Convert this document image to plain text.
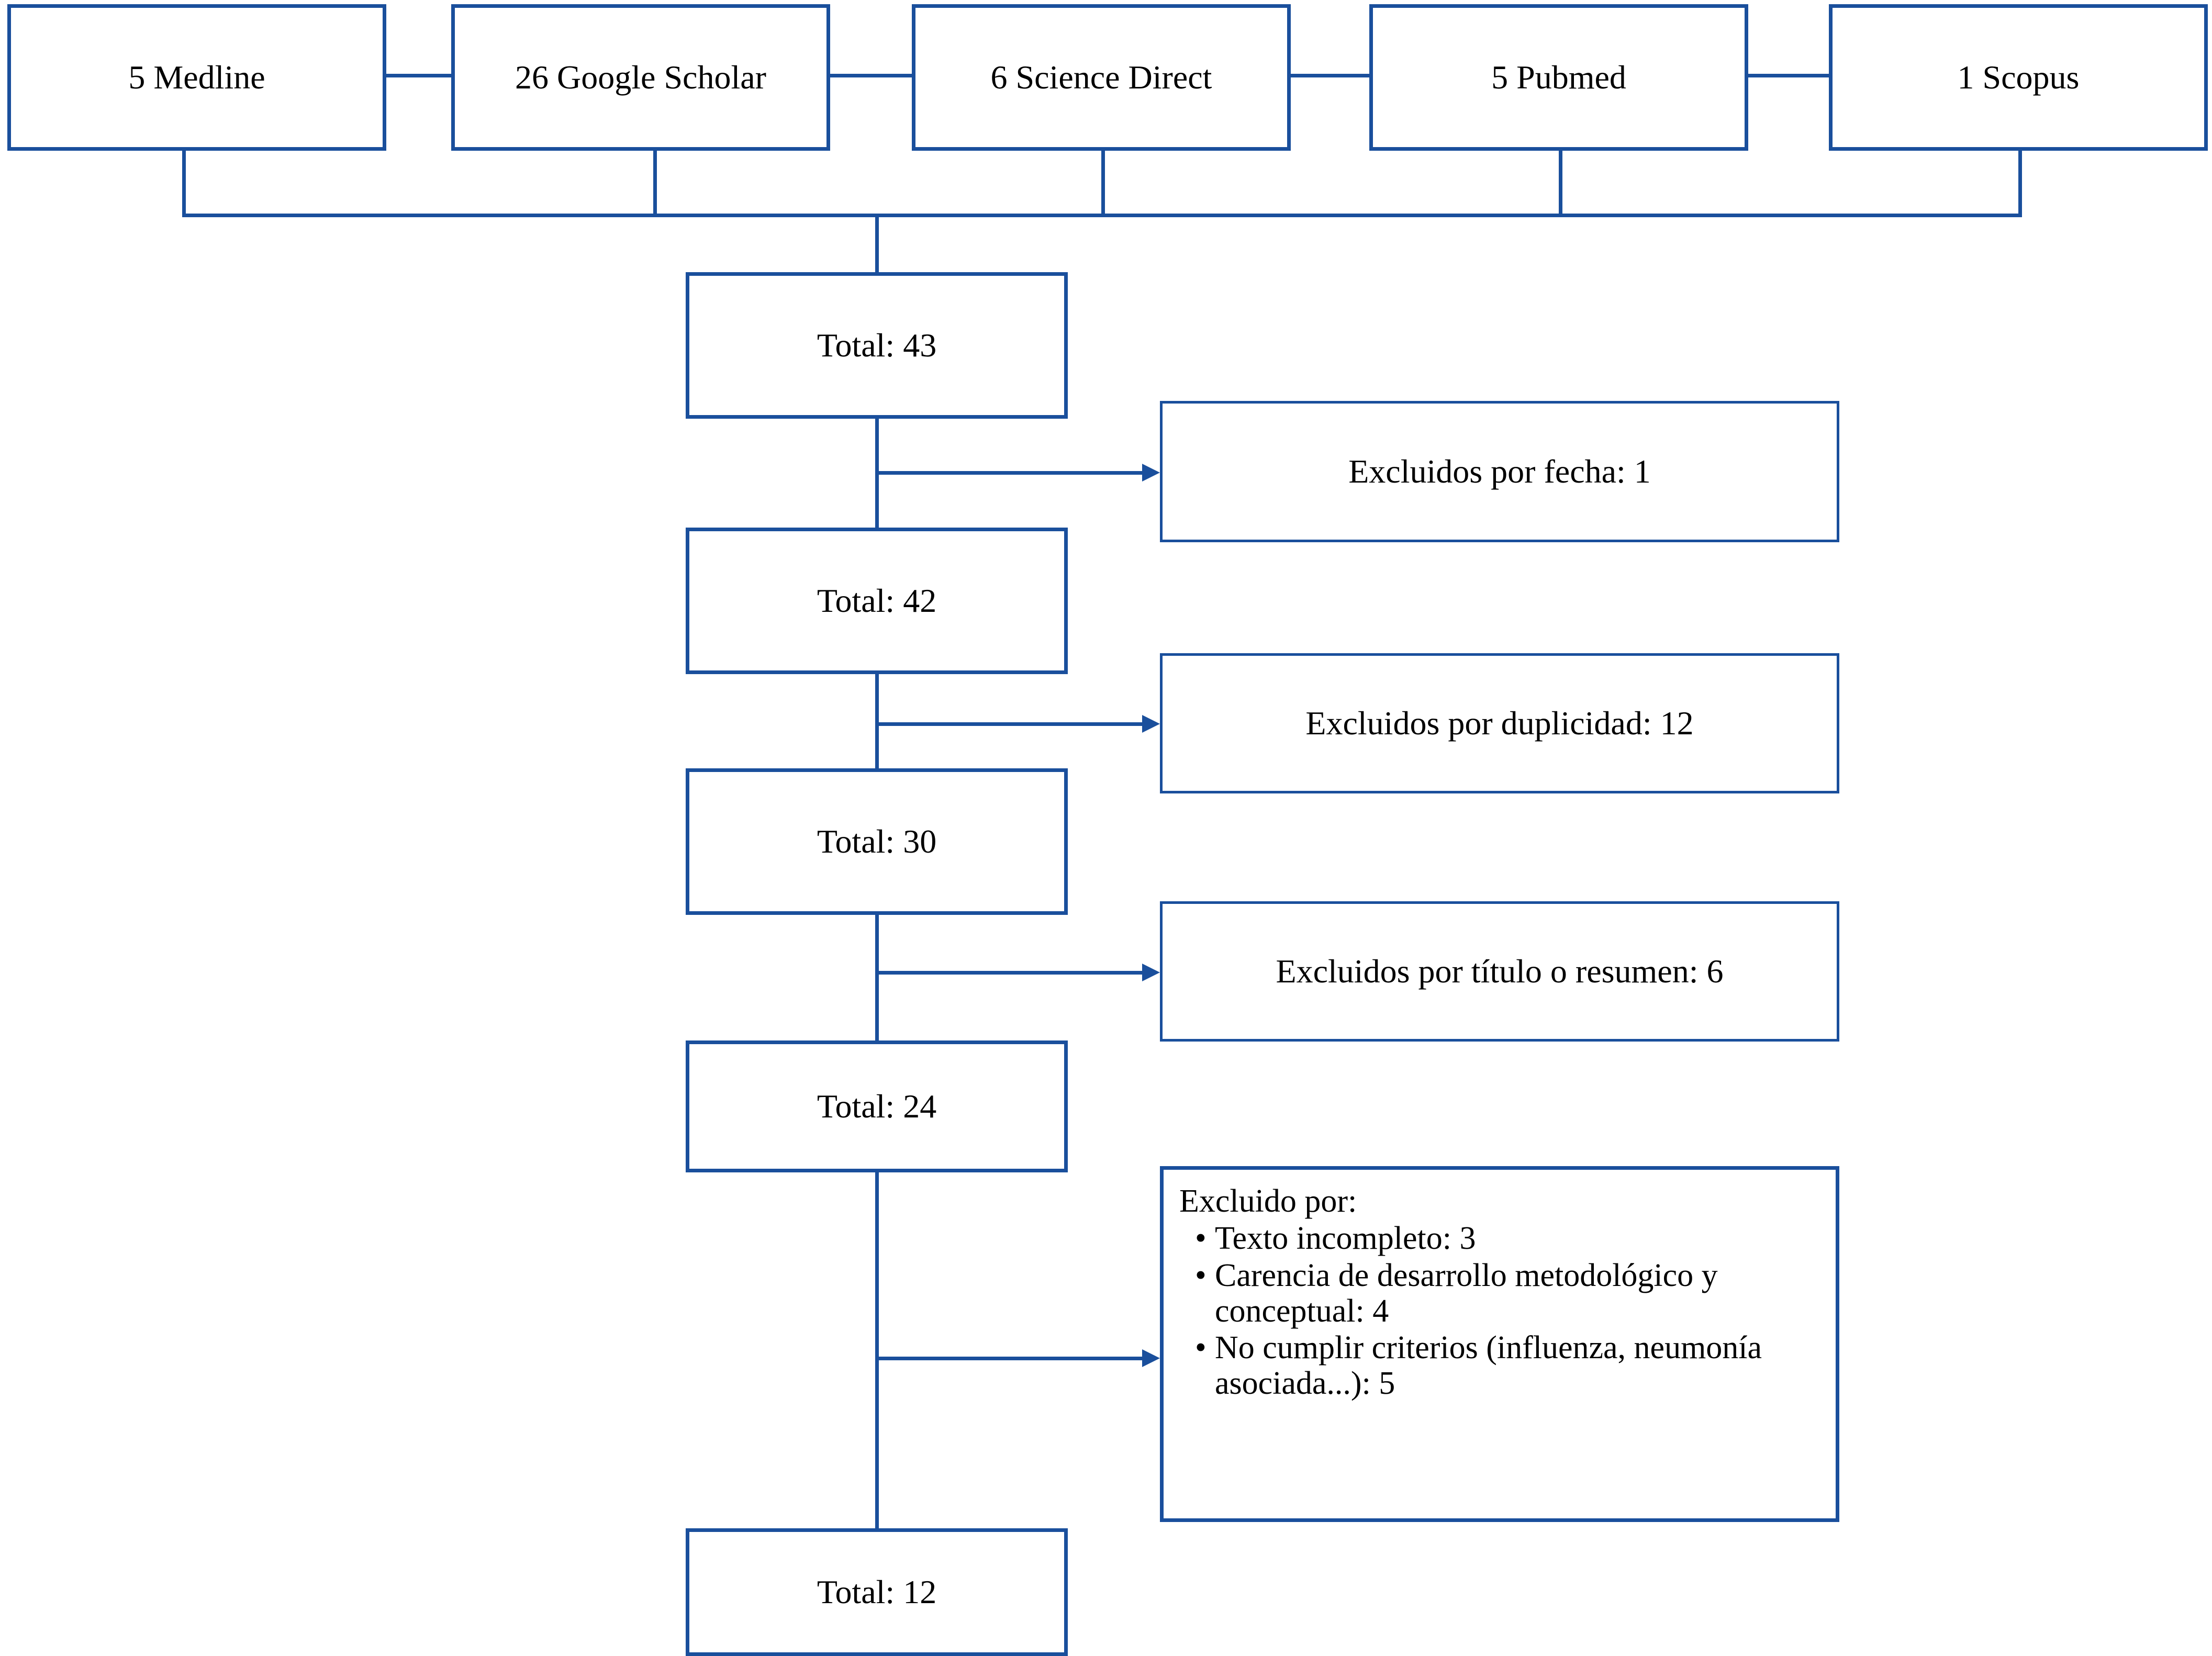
5 Medline	26 Google Scholar	6 Science Direct	5 Pubmed	1 Scopus
Total: 43
Total: 42
Total: 30
Total: 24
Total: 12
Excluidos por fecha: 1
Excluidos por duplicidad: 12
Excluidos por título o resumen: 6
Excluido por:
• Texto incompleto: 3
• Carencia de desarrollo metodológico y conceptual: 4
• No cumplir criterios (influenza, neumonía asociada...): 5
